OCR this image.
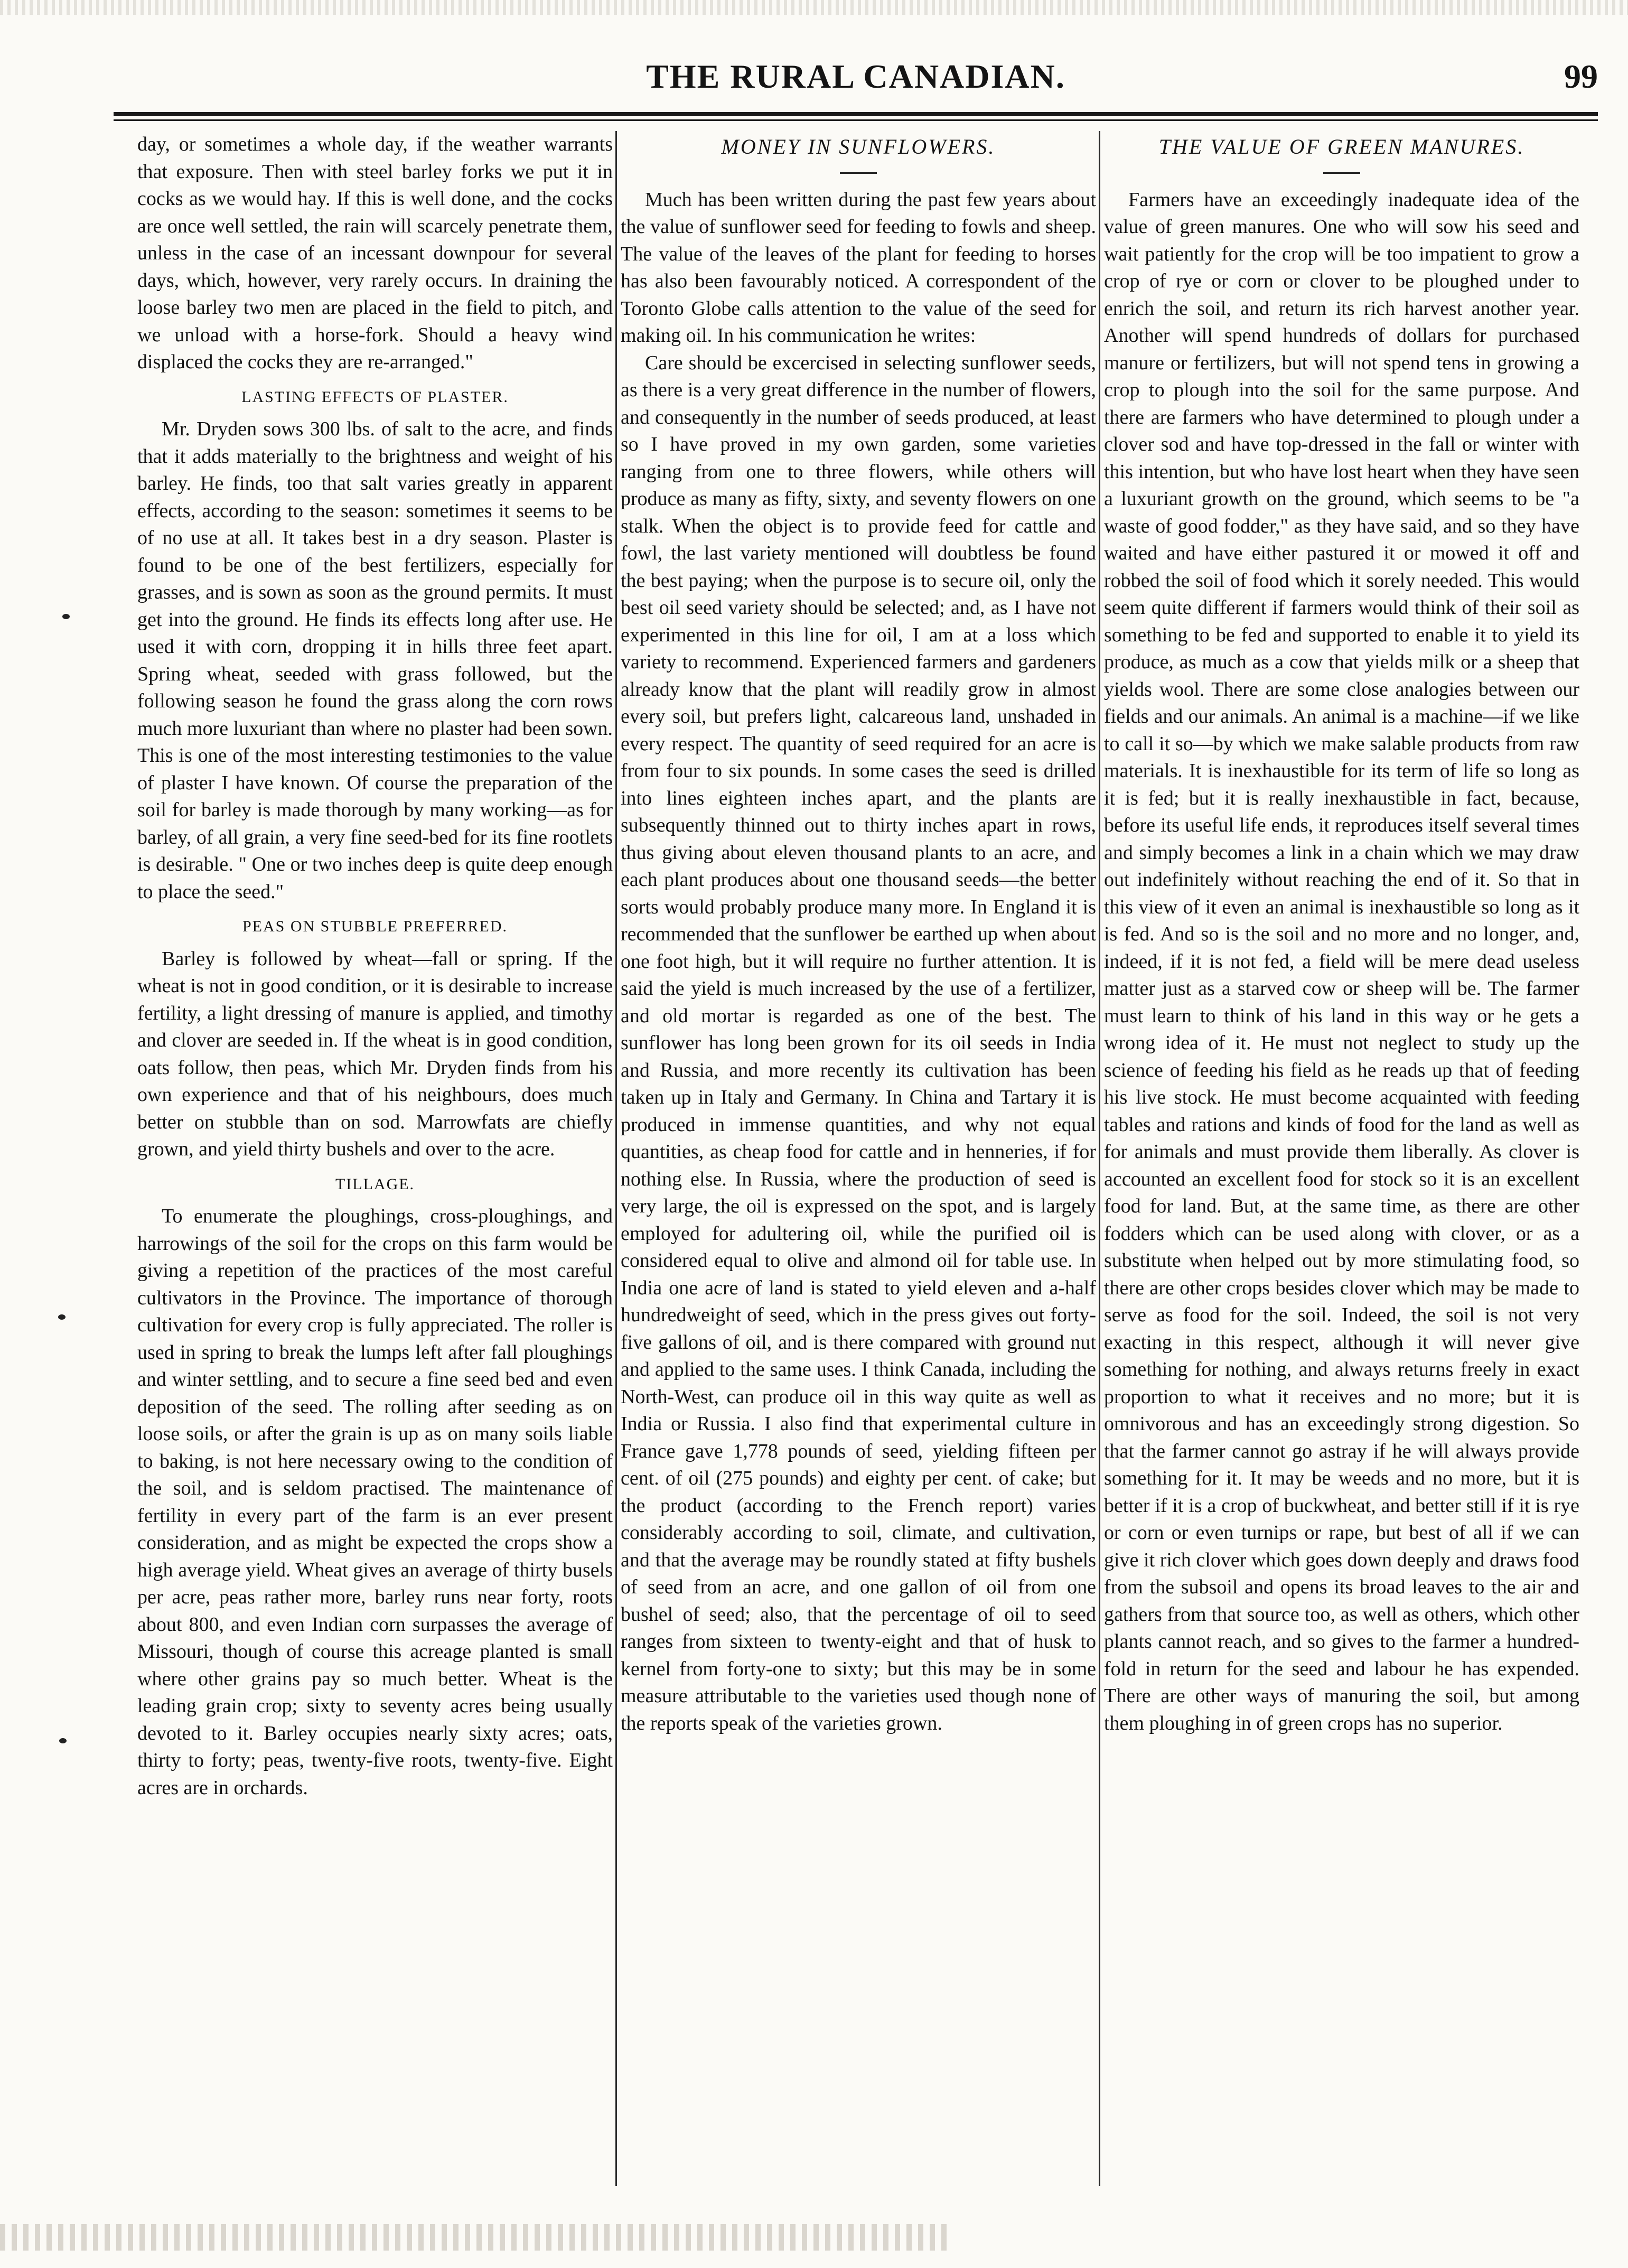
THE RURAL CANADIAN.	99

day, or sometimes a whole day, if the weather warrants that exposure. Then with steel barley forks we put it in cocks as we would hay. If this is well done, and the cocks are once well settled, the rain will scarcely penetrate them, unless in the case of an incessant downpour for several days, which, however, very rarely occurs. In draining the loose barley two men are placed in the field to pitch, and we unload with a horse-fork. Should a heavy wind displaced the cocks they are re-arranged."

LASTING EFFECTS OF PLASTER.

Mr. Dryden sows 300 lbs. of salt to the acre, and finds that it adds materially to the brightness and weight of his barley. He finds, too that salt varies greatly in apparent effects, according to the season: sometimes it seems to be of no use at all. It takes best in a dry season. Plaster is found to be one of the best fertilizers, especially for grasses, and is sown as soon as the ground permits. It must get into the ground. He finds its effects long after use. He used it with corn, dropping it in hills three feet apart. Spring wheat, seeded with grass followed, but the following season he found the grass along the corn rows much more luxuriant than where no plaster had been sown. This is one of the most interesting testimonies to the value of plaster I have known. Of course the preparation of the soil for barley is made thorough by many working—as for barley, of all grain, a very fine seed-bed for its fine rootlets is desirable. " One or two inches deep is quite deep enough to place the seed."

PEAS ON STUBBLE PREFERRED.

Barley is followed by wheat—fall or spring. If the wheat is not in good condition, or it is desirable to increase fertility, a light dressing of manure is applied, and timothy and clover are seeded in. If the wheat is in good condition, oats follow, then peas, which Mr. Dryden finds from his own experience and that of his neighbours, does much better on stubble than on sod. Marrowfats are chiefly grown, and yield thirty bushels and over to the acre.

TILLAGE.

To enumerate the ploughings, cross-ploughings, and harrowings of the soil for the crops on this farm would be giving a repetition of the practices of the most careful cultivators in the Province. The importance of thorough cultivation for every crop is fully appreciated. The roller is used in spring to break the lumps left after fall ploughings and winter settling, and to secure a fine seed bed and even deposition of the seed. The rolling after seeding as on loose soils, or after the grain is up as on many soils liable to baking, is not here necessary owing to the condition of the soil, and is seldom practised. The maintenance of fertility in every part of the farm is an ever present consideration, and as might be expected the crops show a high average yield. Wheat gives an average of thirty busels per acre, peas rather more, barley runs near forty, roots about 800, and even Indian corn surpasses the average of Missouri, though of course this acreage planted is small where other grains pay so much better. Wheat is the leading grain crop; sixty to seventy acres being usually devoted to it. Barley occupies nearly sixty acres; oats, thirty to forty; peas, twenty-five roots, twenty-five. Eight acres are in orchards.

MONEY IN SUNFLOWERS.

Much has been written during the past few years about the value of sunflower seed for feeding to fowls and sheep. The value of the leaves of the plant for feeding to horses has also been favourably noticed. A correspondent of the Toronto Globe calls attention to the value of the seed for making oil. In his communication he writes:

Care should be excercised in selecting sunflower seeds, as there is a very great difference in the number of flowers, and consequently in the number of seeds produced, at least so I have proved in my own garden, some varieties ranging from one to three flowers, while others will produce as many as fifty, sixty, and seventy flowers on one stalk. When the object is to provide feed for cattle and fowl, the last variety mentioned will doubtless be found the best paying; when the purpose is to secure oil, only the best oil seed variety should be selected; and, as I have not experimented in this line for oil, I am at a loss which variety to recommend. Experienced farmers and gardeners already know that the plant will readily grow in almost every soil, but prefers light, calcareous land, unshaded in every respect. The quantity of seed required for an acre is from four to six pounds. In some cases the seed is drilled into lines eighteen inches apart, and the plants are subsequently thinned out to thirty inches apart in rows, thus giving about eleven thousand plants to an acre, and each plant produces about one thousand seeds—the better sorts would probably produce many more. In England it is recommended that the sunflower be earthed up when about one foot high, but it will require no further attention. It is said the yield is much increased by the use of a fertilizer, and old mortar is regarded as one of the best. The sunflower has long been grown for its oil seeds in India and Russia, and more recently its cultivation has been taken up in Italy and Germany. In China and Tartary it is produced in immense quantities, and why not equal quantities, as cheap food for cattle and in henneries, if for nothing else. In Russia, where the production of seed is very large, the oil is expressed on the spot, and is largely employed for adultering oil, while the purified oil is considered equal to olive and almond oil for table use. In India one acre of land is stated to yield eleven and a-half hundredweight of seed, which in the press gives out forty-five gallons of oil, and is there compared with ground nut and applied to the same uses. I think Canada, including the North-West, can produce oil in this way quite as well as India or Russia. I also find that experimental culture in France gave 1,778 pounds of seed, yielding fifteen per cent. of oil (275 pounds) and eighty per cent. of cake; but the product (according to the French report) varies considerably according to soil, climate, and cultivation, and that the average may be roundly stated at fifty bushels of seed from an acre, and one gallon of oil from one bushel of seed; also, that the percentage of oil to seed ranges from sixteen to twenty-eight and that of husk to kernel from forty-one to sixty; but this may be in some measure attributable to the varieties used though none of the reports speak of the varieties grown.

THE VALUE OF GREEN MANURES.

Farmers have an exceedingly inadequate idea of the value of green manures. One who will sow his seed and wait patiently for the crop will be too impatient to grow a crop of rye or corn or clover to be ploughed under to enrich the soil, and return its rich harvest another year. Another will spend hundreds of dollars for purchased manure or fertilizers, but will not spend tens in growing a crop to plough into the soil for the same purpose. And there are farmers who have determined to plough under a clover sod and have top-dressed in the fall or winter with this intention, but who have lost heart when they have seen a luxuriant growth on the ground, which seems to be "a waste of good fodder," as they have said, and so they have waited and have either pastured it or mowed it off and robbed the soil of food which it sorely needed. This would seem quite different if farmers would think of their soil as something to be fed and supported to enable it to yield its produce, as much as a cow that yields milk or a sheep that yields wool. There are some close analogies between our fields and our animals. An animal is a machine—if we like to call it so—by which we make salable products from raw materials. It is inexhaustible for its term of life so long as it is fed; but it is really inexhaustible in fact, because, before its useful life ends, it reproduces itself several times and simply becomes a link in a chain which we may draw out indefinitely without reaching the end of it. So that in this view of it even an animal is inexhaustible so long as it is fed. And so is the soil and no more and no longer, and, indeed, if it is not fed, a field will be mere dead useless matter just as a starved cow or sheep will be. The farmer must learn to think of his land in this way or he gets a wrong idea of it. He must not neglect to study up the science of feeding his field as he reads up that of feeding his live stock. He must become acquainted with feeding tables and rations and kinds of food for the land as well as for animals and must provide them liberally. As clover is accounted an excellent food for stock so it is an excellent food for land. But, at the same time, as there are other fodders which can be used along with clover, or as a substitute when helped out by more stimulating food, so there are other crops besides clover which may be made to serve as food for the soil. Indeed, the soil is not very exacting in this respect, although it will never give something for nothing, and always returns freely in exact proportion to what it receives and no more; but it is omnivorous and has an exceedingly strong digestion. So that the farmer cannot go astray if he will always provide something for it. It may be weeds and no more, but it is better if it is a crop of buckwheat, and better still if it is rye or corn or even turnips or rape, but best of all if we can give it rich clover which goes down deeply and draws food from the subsoil and opens its broad leaves to the air and gathers from that source too, as well as others, which other plants cannot reach, and so gives to the farmer a hundred-fold in return for the seed and labour he has expended. There are other ways of manuring the soil, but among them ploughing in of green crops has no superior.
